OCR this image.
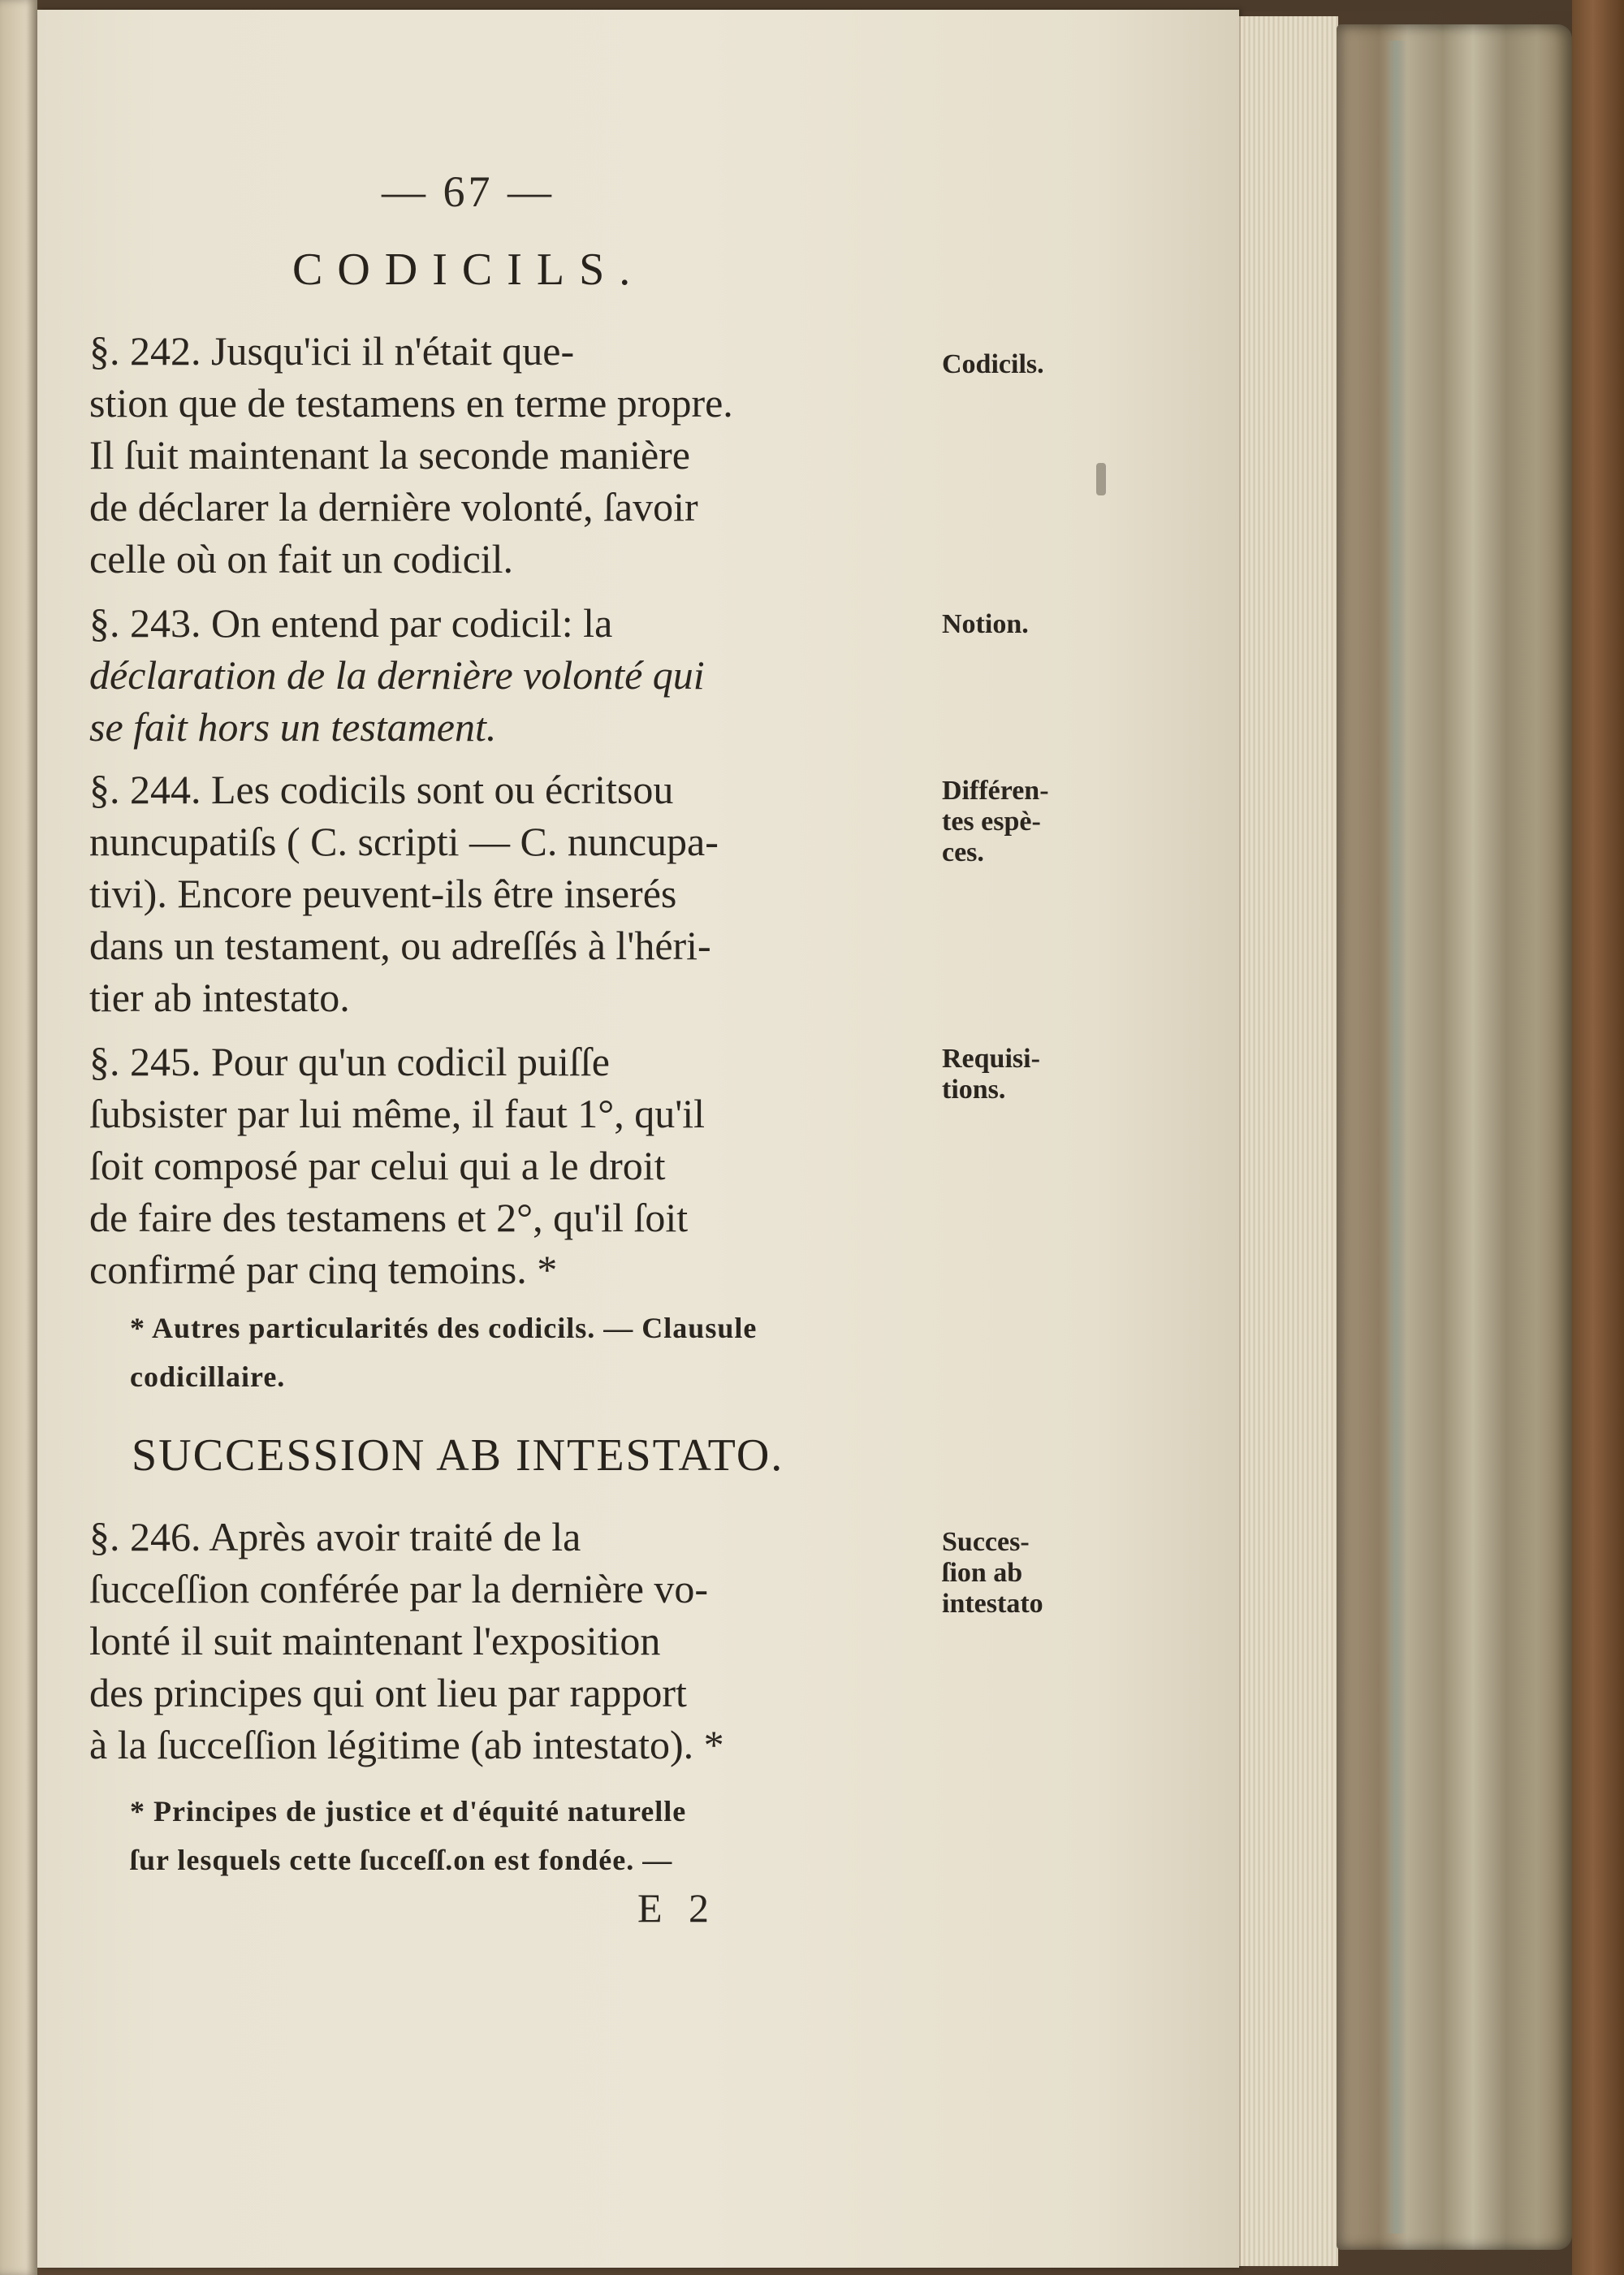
— 67 —
CODICILS.
§. 242. Jusqu'ici il n'était que-
stion que de testamens en terme propre.
Il ſuit maintenant la seconde manière
de déclarer la dernière volonté, ſavoir
celle où on fait un codicil.
§. 243. On entend par codicil: la
déclaration de la dernière volonté qui
se fait hors un testament.
§. 244. Les codicils sont ou écritsou
nuncupatiſs ( C. scripti — C. nuncupa-
tivi). Encore peuvent-ils être inserés
dans un testament, ou adreſſés à l'héri-
tier ab intestato.
§. 245. Pour qu'un codicil puiſſe
ſubsister par lui même, il faut 1°, qu'il
ſoit composé par celui qui a le droit
de faire des testamens et 2°, qu'il ſoit
confirmé par cinq temoins. *
* Autres particularités des codicils. — Clausule
codicillaire.
SUCCESSION AB INTESTATO.
§. 246. Après avoir traité de la
ſucceſſion conférée par la dernière vo-
lonté il suit maintenant l'exposition
des principes qui ont lieu par rapport
à la ſucceſſion légitime (ab intestato). *
* Principes de justice et d'équité naturelle
ſur lesquels cette ſucceſſ.on est fondée. —
E 2
Codicils.
Notion.
Différen-
tes espè-
ces.
Requisi-
tions.
Succes-
ſion ab
intestato
